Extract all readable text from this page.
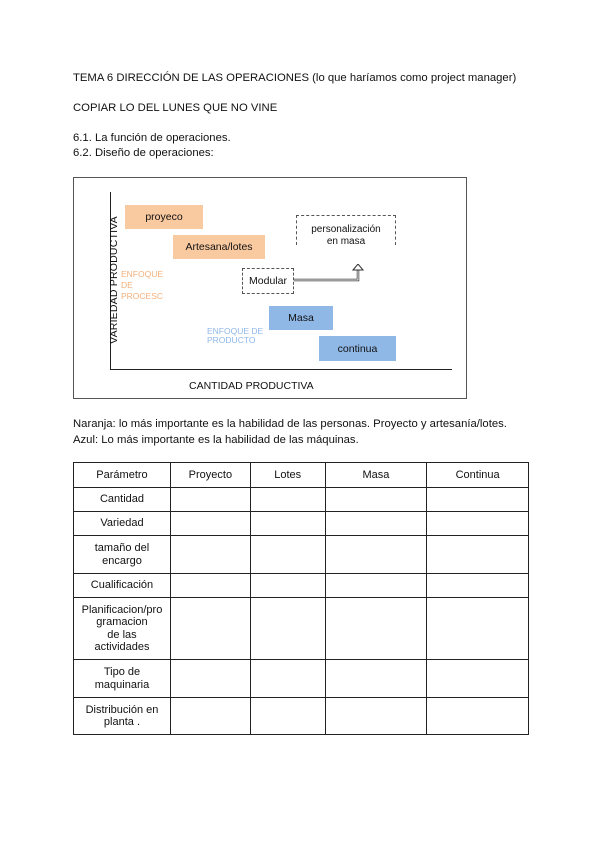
TEMA 6 DIRECCIÓN DE LAS OPERACIONES (lo que haríamos como project manager)
COPIAR LO DEL LUNES QUE NO VINE
6.1. La función de operaciones.
6.2. Diseño de operaciones:
VARIEDAD PRODUCTIVA
CANTIDAD PRODUCTIVA
proyeco
Artesana/lotes
ENFOQUE
DE
PROCESC
personalización
en masa
Modular
ENFOQUE DE
PRODUCTO
Masa
continua
Naranja: lo más importante es la habilidad de las personas. Proyecto y artesanía/lotes.
Azul: Lo más importante es la habilidad de las máquinas.
Parámetro	Proyecto	Lotes	Masa	Continua

Cantidad				

Variedad				

tamaño del
encargo				

Cualificación				

Planificacion/pro
gramacion
de las
actividades				

Tipo de
maquinaria				

Distribución en
planta .				
